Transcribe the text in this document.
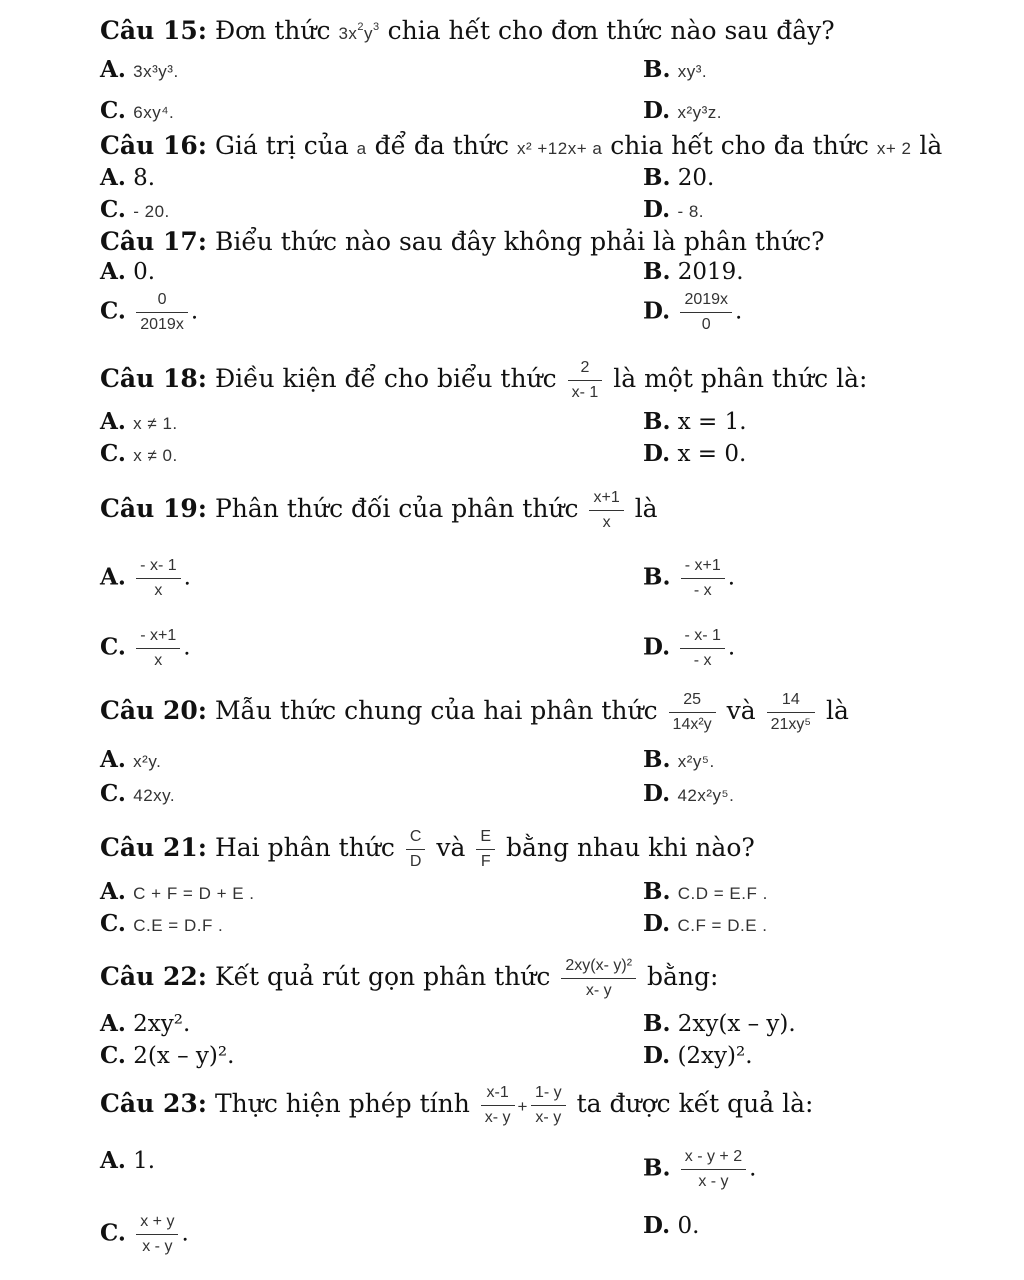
Câu 15: Đơn thức $3x^2y^3$ chia hết cho đơn thức nào sau đây?
A. 3x³y³.	B. xy³.
C. 6xy⁴.	D. x²y³z.
Câu 16: Giá trị của a để đa thức x² +12x+ a chia hết cho đa thức x+ 2 là
A. 8.	B. 20.
C. - 20.	D. - 8.
Câu 17: Biểu thức nào sau đây không phải là phân thức?
A. 0.	B. 2019.
C. $\frac{0}{2019x}$ .	D. $\frac{2019x}{0}$ .
Câu 18: Điều kiện để cho biểu thức $\frac{2}{x- 1}$ là một phân thức là:
A. x ≠ 1.	B. x = 1.
C. x ≠ 0.	D. x = 0.
Câu 19: Phân thức đối của phân thức $\frac{x+1}{x}$ là
A. $\frac{- x- 1}{x}$ .	B. $\frac{- x+1}{- x}$ .
C. $\frac{- x+1}{x}$ .	D. $\frac{- x- 1}{- x}$ .
Câu 20: Mẫu thức chung của hai phân thức $\frac{25}{\text{14x²y}}$ và $\frac{14}{\text{21xy⁵}}$ là
A. x²y.	B. x²y⁵.
C. 42xy.	D. 42x²y⁵.
Câu 21: Hai phân thức $\frac{C}{D}$ và $\frac{E}{F}$ bằng nhau khi nào?
A. C + F = D + E .	B. C.D = E.F .
C. C.E = D.F .	D. C.F = D.E .
Câu 22: Kết quả rút gọn phân thức $\frac{\text{2xy(x- y)²}}{x- y}$ bằng:
A. 2xy².	B. 2xy(x – y).
C. 2(x – y)².	D. (2xy)².
Câu 23: Thực hiện phép tính $\frac{x-1}{x- y} + \frac{1- y}{x- y}$ ta được kết quả là:
A. 1.	B. $\frac{x - y + 2}{x - y}$ .
C. $\frac{x + y}{x - y}$ .	D. 0.
